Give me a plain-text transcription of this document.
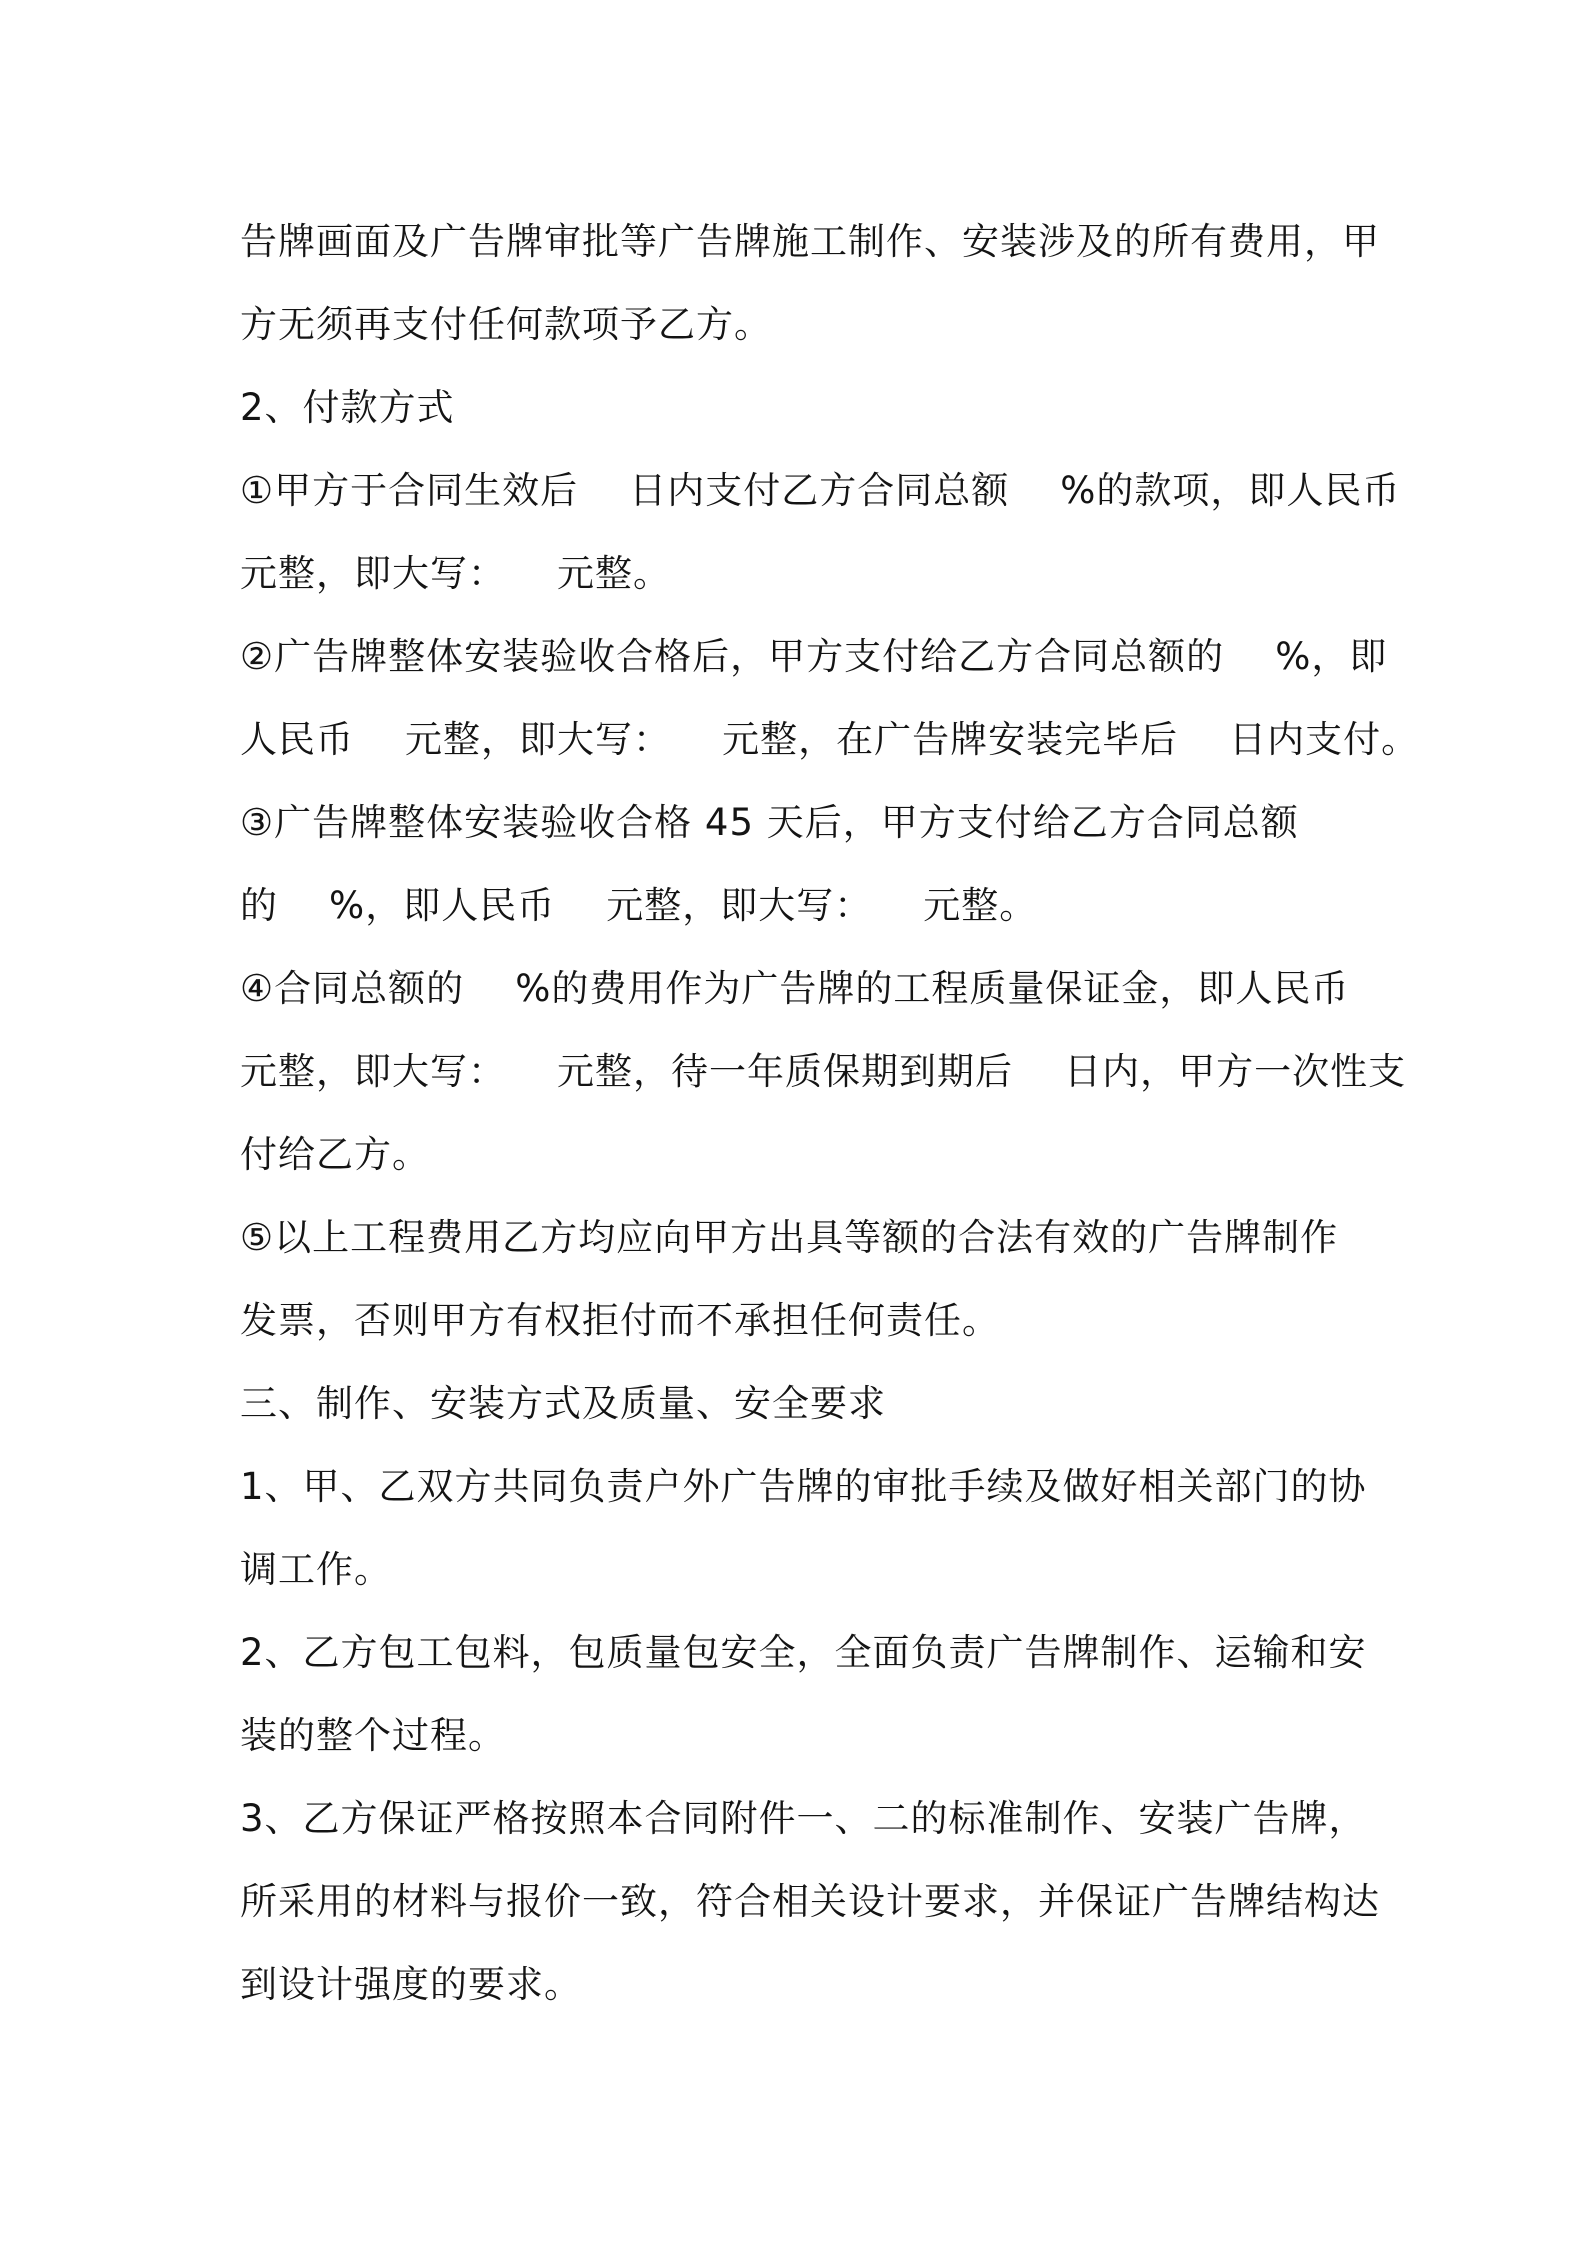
告牌画面及广告牌审批等广告牌施工制作、安装涉及的所有费用，甲
方无须再支付任何款项予乙方。
2、付款方式
①甲方于合同生效后    日内支付乙方合同总额    %的款项，即人民币
元整，即大写：    元整。
②广告牌整体安装验收合格后，甲方支付给乙方合同总额的    %，即
人民币    元整，即大写：    元整，在广告牌安装完毕后    日内支付。
③广告牌整体安装验收合格 45 天后，甲方支付给乙方合同总额
的    %，即人民币    元整，即大写：    元整。
④合同总额的    %的费用作为广告牌的工程质量保证金，即人民币
元整，即大写：    元整，待一年质保期到期后    日内，甲方一次性支
付给乙方。
⑤以上工程费用乙方均应向甲方出具等额的合法有效的广告牌制作
发票，否则甲方有权拒付而不承担任何责任。
三、制作、安装方式及质量、安全要求
1、甲、乙双方共同负责户外广告牌的审批手续及做好相关部门的协
调工作。
2、乙方包工包料，包质量包安全，全面负责广告牌制作、运输和安
装的整个过程。
3、乙方保证严格按照本合同附件一、二的标准制作、安装广告牌，
所采用的材料与报价一致，符合相关设计要求，并保证广告牌结构达
到设计强度的要求。
